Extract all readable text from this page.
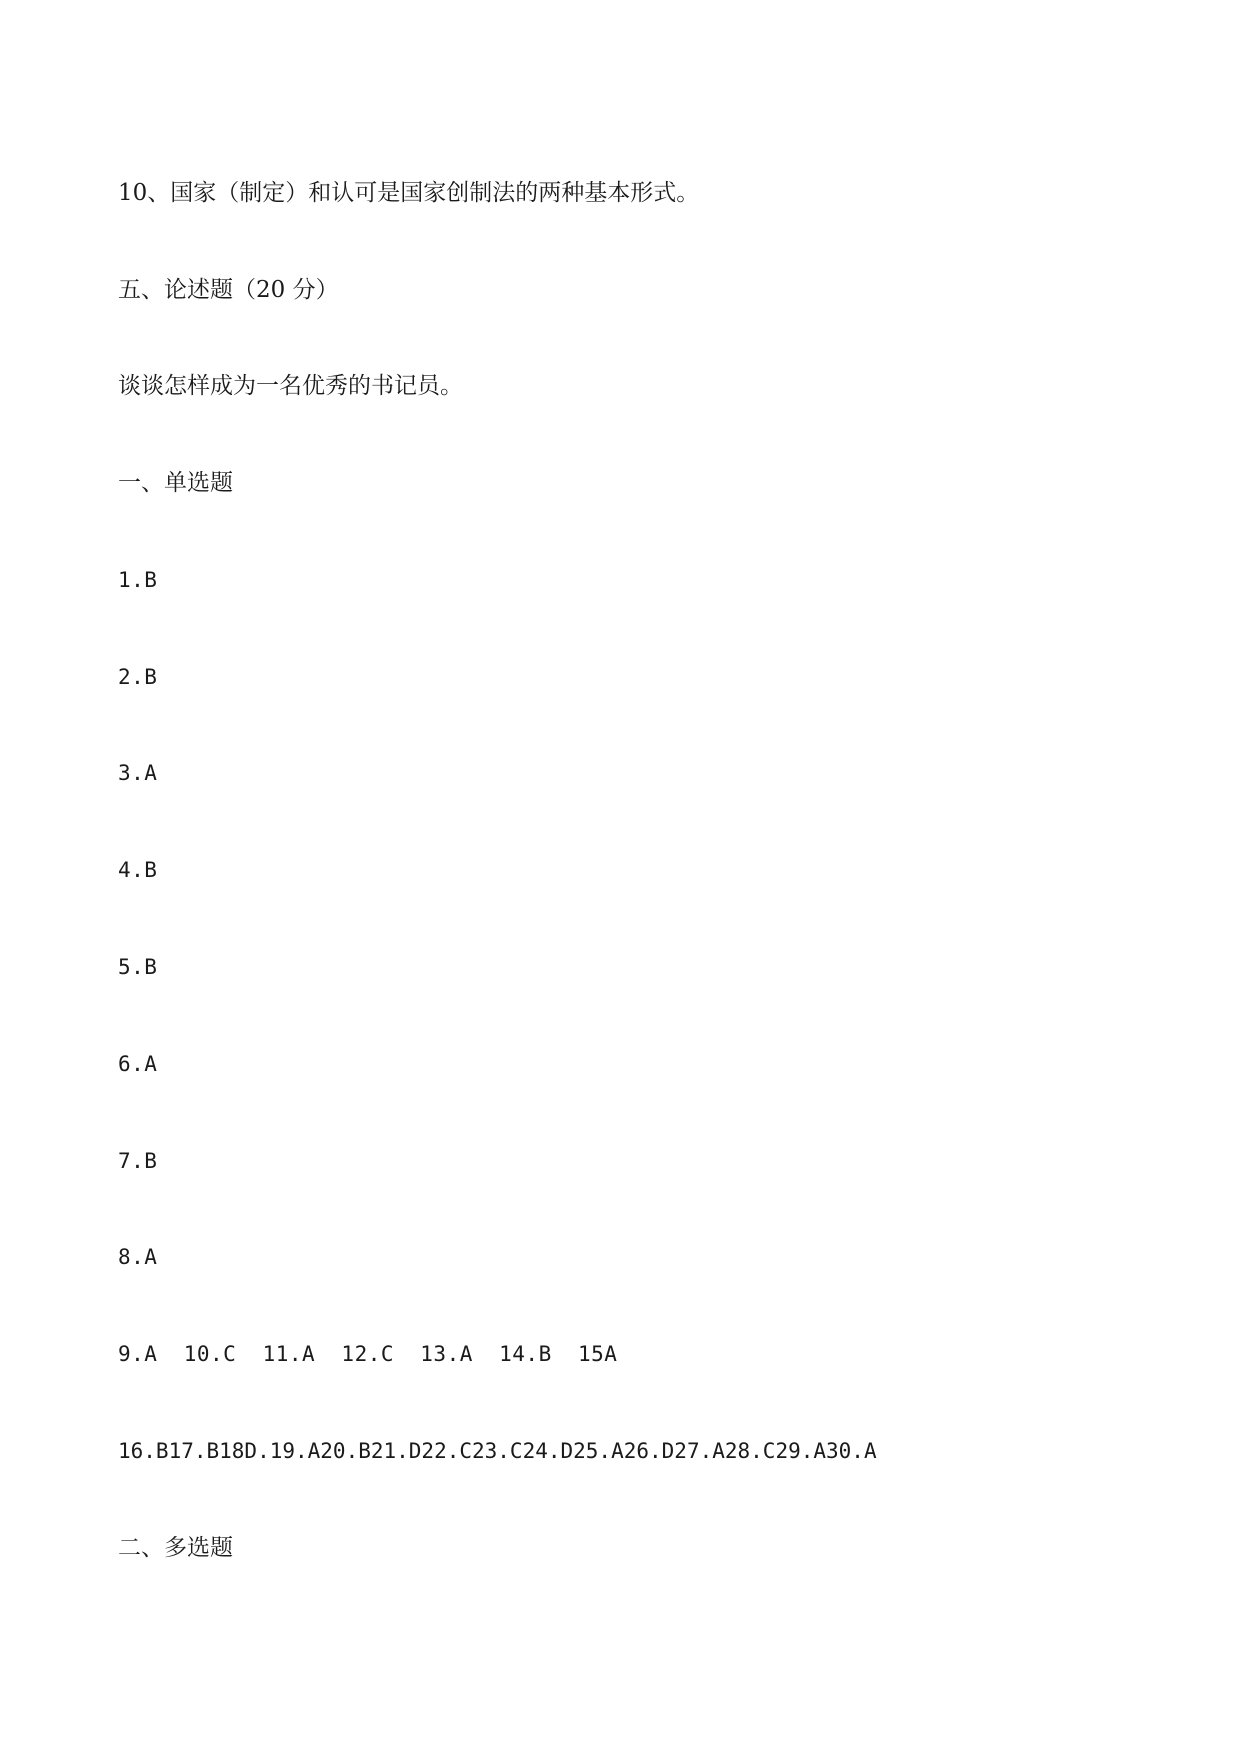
10、国家（制定）和认可是国家创制法的两种基本形式。

五、论述题（20 分）

谈谈怎样成为一名优秀的书记员。

一、单选题

1.B

2.B

3.A

4.B

5.B

6.A

7.B

8.A

9.A  10.C  11.A  12.C  13.A  14.B  15A

16.B17.B18D.19.A20.B21.D22.C23.C24.D25.A26.D27.A28.C29.A30.A

二、多选题
